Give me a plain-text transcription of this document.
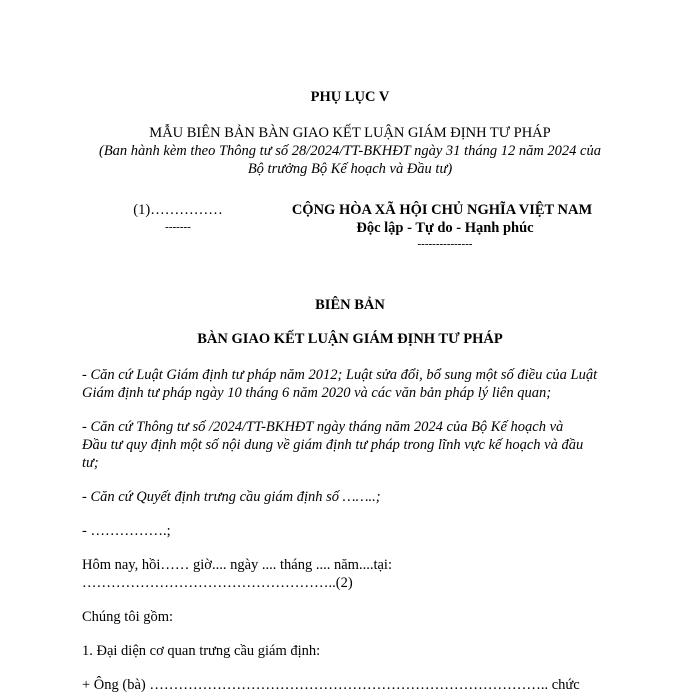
PHỤ LỤC V
MẪU BIÊN BẢN BÀN GIAO KẾT LUẬN GIÁM ĐỊNH TƯ PHÁP
(Ban hành kèm theo Thông tư số 28/2024/TT-BKHĐT ngày 31 tháng 12 năm 2024 của
Bộ trưởng Bộ Kế hoạch và Đầu tư)
(1)……………
-------
CỘNG HÒA XÃ HỘI CHỦ NGHĨA VIỆT NAM
Độc lập - Tự do - Hạnh phúc
---------------
BIÊN BẢN
BÀN GIAO KẾT LUẬN GIÁM ĐỊNH TƯ PHÁP
- Căn cứ Luật Giám định tư pháp năm 2012; Luật sửa đổi, bổ sung một số điều của Luật
Giám định tư pháp ngày 10 tháng 6 năm 2020 và các văn bản pháp lý liên quan;
- Căn cứ Thông tư số /2024/TT-BKHĐT ngày tháng năm 2024 của Bộ Kế hoạch và
Đầu tư quy định một số nội dung về giám định tư pháp trong lĩnh vực kế hoạch và đầu
tư;
- Căn cứ Quyết định trưng cầu giám định số ……..;
- …………….;
Hôm nay, hồi…… giờ.... ngày .... tháng .... năm....tại:
……………………………………………..(2)
Chúng tôi gồm:
1. Đại diện cơ quan trưng cầu giám định:
+ Ông (bà) ……………………………………………………………………….. chức
